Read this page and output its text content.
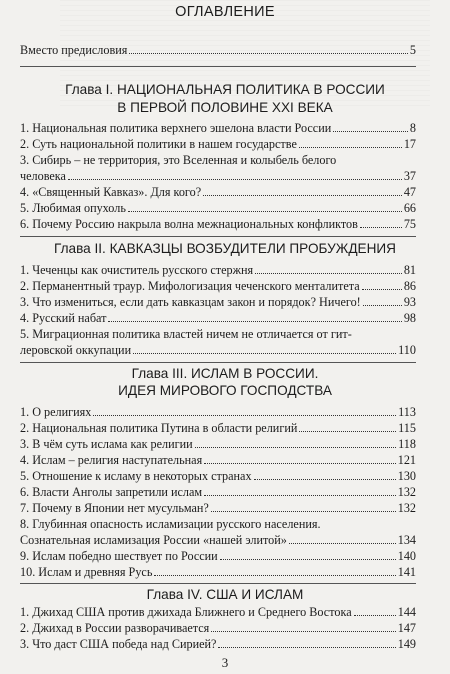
ОГЛАВЛЕНИЕ
Вместо предисловия	5
Глава I. НАЦИОНАЛЬНАЯ ПОЛИТИКА В РОССИИ
В ПЕРВОЙ ПОЛОВИНЕ XXI ВЕКА
1. Национальная политика верхнего эшелона власти России	8
2. Суть национальной политики в нашем государстве	17
3. Сибирь – не территория, это Вселенная и колыбель белого
человека	37
4. «Священный Кавказ». Для кого?	47
5. Любимая опухоль	66
6. Почему Россию накрыла волна межнациональных конфликтов	75
Глава II. КАВКАЗЦЫ ВОЗБУДИТЕЛИ ПРОБУЖДЕНИЯ
1. Чеченцы как очиститель русского стержня	81
2. Перманентный траур. Мифологизация чеченского менталитета	86
3. Что измениться, если дать кавказцам закон и порядок? Ничего!	93
4. Русский набат	98
5. Миграционная политика властей ничем не отличается от гит-
леровской оккупации	110
Глава III. ИСЛАМ В РОССИИ.
ИДЕЯ МИРОВОГО ГОСПОДСТВА
1. О религиях	113
2. Национальная политика Путина в области религий	115
3. В чём суть ислама как религии	118
4. Ислам – религия наступательная	121
5. Отношение к исламу в некоторых странах	130
6. Власти Анголы запретили ислам	132
7. Почему в Японии нет мусульман?	132
8. Глубинная опасность исламизации русского населения.
Сознательная исламизация России «нашей элитой»	134
9. Ислам победно шествует по России	140
10. Ислам и древняя Русь	141
Глава IV. США И ИСЛАМ
1. Джихад США против джихада Ближнего и Среднего Востока	144
2. Джихад в России разворачивается	147
3. Что даст США победа над Сирией?	149
3
